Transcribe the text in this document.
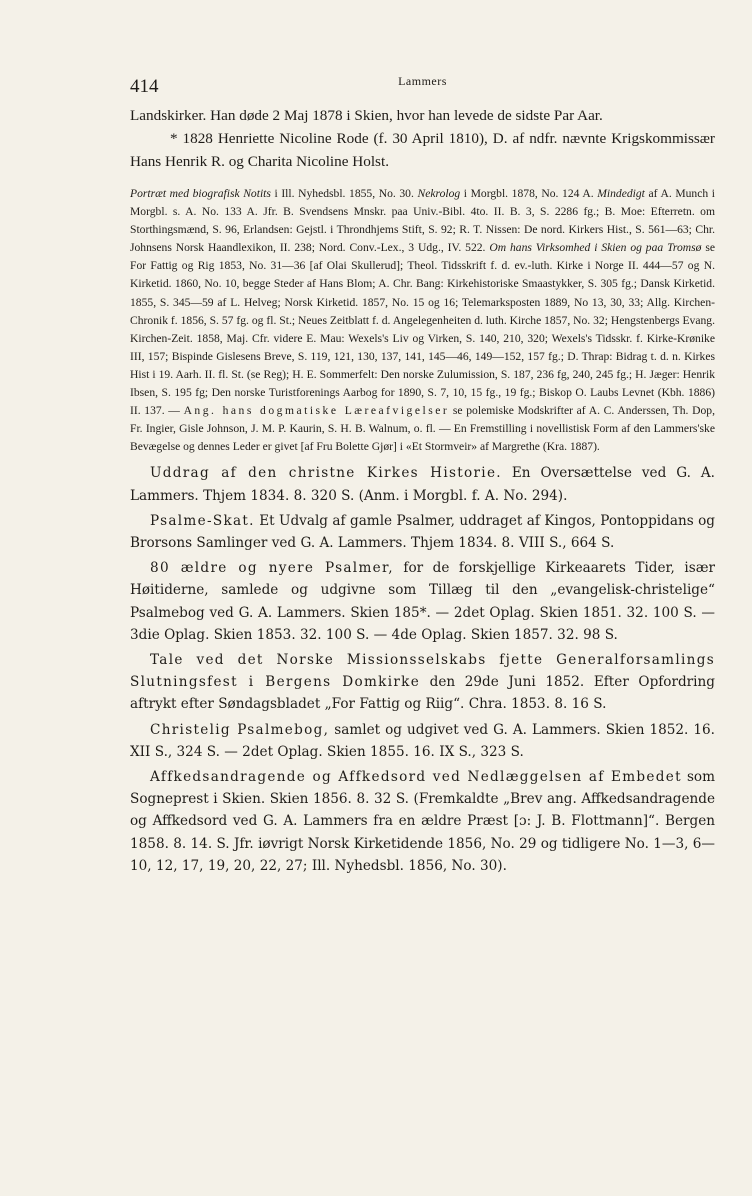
414	Lammers

Landskirker. Han døde 2 Maj 1878 i Skien, hvor han levede de sidste Par Aar.

* 1828 Henriette Nicoline Rode (f. 30 April 1810), D. af ndfr. nævnte Krigskommissær Hans Henrik R. og Charita Nicoline Holst.

Portræt med biografisk Notits i Ill. Nyhedsbl. 1855, No. 30. Nekrolog i Morgbl. 1878, No. 124 A. Mindedigt af A. Munch i Morgbl. s. A. No. 133 A. Jfr. B. Svendsens Mnskr. paa Univ.-Bibl. 4to. II. B. 3, S. 2286 fg.; B. Moe: Efterretn. om Storthingsmænd, S. 96, Erlandsen: Gejstl. i Throndhjems Stift, S. 92; R. T. Nissen: De nord. Kirkers Hist., S. 561—63; Chr. Johnsens Norsk Haandlexikon, II. 238; Nord. Conv.-Lex., 3 Udg., IV. 522. Om hans Virksomhed i Skien og paa Tromsø se For Fattig og Rig 1853, No. 31—36 [af Olai Skullerud]; Theol. Tidsskrift f. d. ev.-luth. Kirke i Norge II. 444—57 og N. Kirketid. 1860, No. 10, begge Steder af Hans Blom; A. Chr. Bang: Kirkehistoriske Smaastykker, S. 305 fg.; Dansk Kirketid. 1855, S. 345—59 af L. Helveg; Norsk Kirketid. 1857, No. 15 og 16; Telemarksposten 1889, No 13, 30, 33; Allg. Kirchen-Chronik f. 1856, S. 57 fg. og fl. St.; Neues Zeitblatt f. d. Angelegenheiten d. luth. Kirche 1857, No. 32; Hengstenbergs Evang. Kirchen-Zeit. 1858, Maj. Cfr. videre E. Mau: Wexels's Liv og Virken, S. 140, 210, 320; Wexels's Tidsskr. f. Kirke-Krønike III, 157; Bispinde Gislesens Breve, S. 119, 121, 130, 137, 141, 145—46, 149—152, 157 fg.; D. Thrap: Bidrag t. d. n. Kirkes Hist i 19. Aarh. II. fl. St. (se Reg); H. E. Sommerfelt: Den norske Zulumission, S. 187, 236 fg, 240, 245 fg.; H. Jæger: Henrik Ibsen, S. 195 fg; Den norske Turistforenings Aarbog for 1890, S. 7, 10, 15 fg., 19 fg.; Biskop O. Laubs Levnet (Kbh. 1886) II. 137. — Ang. hans dogmatiske Læreafvigelser se polemiske Modskrifter af A. C. Anderssen, Th. Dop, Fr. Ingier, Gisle Johnson, J. M. P. Kaurin, S. H. B. Walnum, o. fl. — En Fremstilling i novellistisk Form af den Lammers'ske Bevægelse og dennes Leder er givet [af Fru Bolette Gjør] i «Et Stormveir» af Margrethe (Kra. 1887).

Uddrag af den christne Kirkes Historie. En Oversættelse ved G. A. Lammers. Thjem 1834. 8. 320 S. (Anm. i Morgbl. f. A. No. 294).

Psalme-Skat. Et Udvalg af gamle Psalmer, uddraget af Kingos, Pontoppidans og Brorsons Samlinger ved G. A. Lammers. Thjem 1834. 8. VIII S., 664 S.

80 ældre og nyere Psalmer, for de forskjellige Kirkeaarets Tider, især Høitiderne, samlede og udgivne som Tillæg til den „evangelisk-christelige“ Psalmebog ved G. A. Lammers. Skien 185*. — 2det Oplag. Skien 1851. 32. 100 S. — 3die Oplag. Skien 1853. 32. 100 S. — 4de Oplag. Skien 1857. 32. 98 S.

Tale ved det Norske Missionsselskabs fjette Generalforsamlings Slutningsfest i Bergens Domkirke den 29de Juni 1852. Efter Opfordring aftrykt efter Søndagsbladet „For Fattig og Riig“. Chra. 1853. 8. 16 S.

Christelig Psalmebog, samlet og udgivet ved G. A. Lammers. Skien 1852. 16. XII S., 324 S. — 2det Oplag. Skien 1855. 16. IX S., 323 S.

Affkedsandragende og Affkedsord ved Nedlæggelsen af Embedet som Sogneprest i Skien. Skien 1856. 8. 32 S. (Fremkaldte „Brev ang. Affkedsandragende og Affkedsord ved G. A. Lammers fra en ældre Præst [ɔ: J. B. Flottmann]“. Bergen 1858. 8. 14. S. Jfr. iøvrigt Norsk Kirketidende 1856, No. 29 og tidligere No. 1—3, 6—10, 12, 17, 19, 20, 22, 27; Ill. Nyhedsbl. 1856, No. 30).
